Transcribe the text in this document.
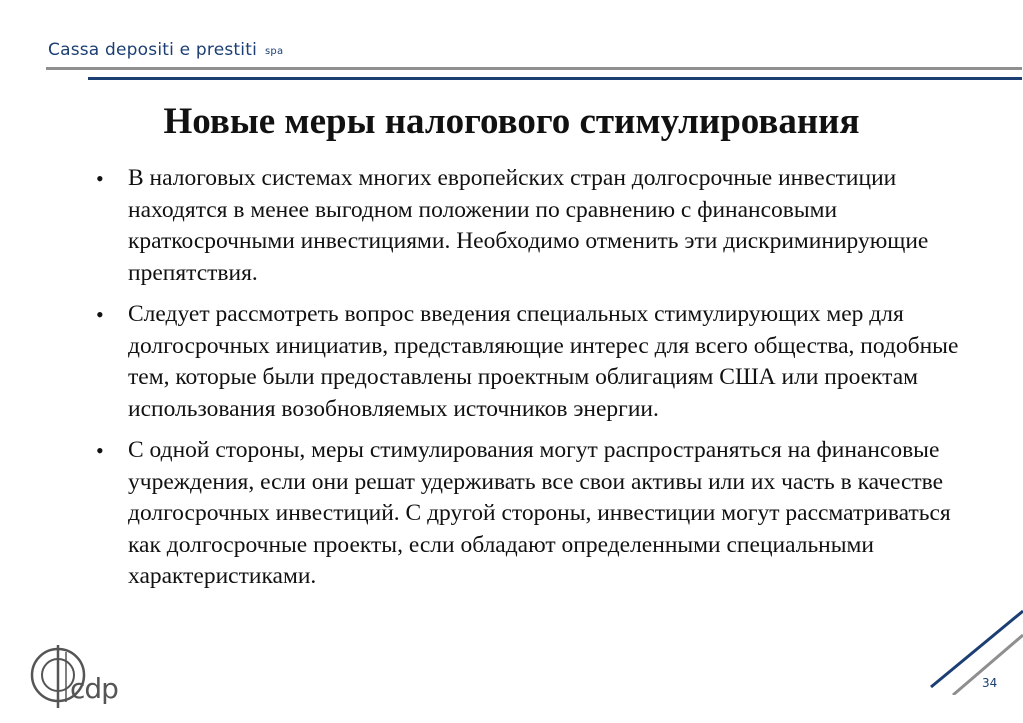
Cassa depositi e prestiti spa
Новые меры налогового стимулирования
• В налоговых системах многих европейских стран долгосрочные инвестиции находятся в менее выгодном положении по сравнению с финансовыми краткосрочными инвестициями. Необходимо отменить эти дискриминирующие препятствия.
• Следует рассмотреть вопрос введения специальных стимулирующих мер для долгосрочных инициатив, представляющие интерес для всего общества, подобные тем, которые были предоставлены проектным облигациям США или проектам использования возобновляемых источников энергии.
• С одной стороны, меры стимулирования могут распространяться на финансовые учреждения, если они решат удерживать все свои активы или их часть в качестве долгосрочных инвестиций. С другой стороны, инвестиции могут рассматриваться как долгосрочные проекты, если обладают определенными специальными характеристиками.
cdp	34
